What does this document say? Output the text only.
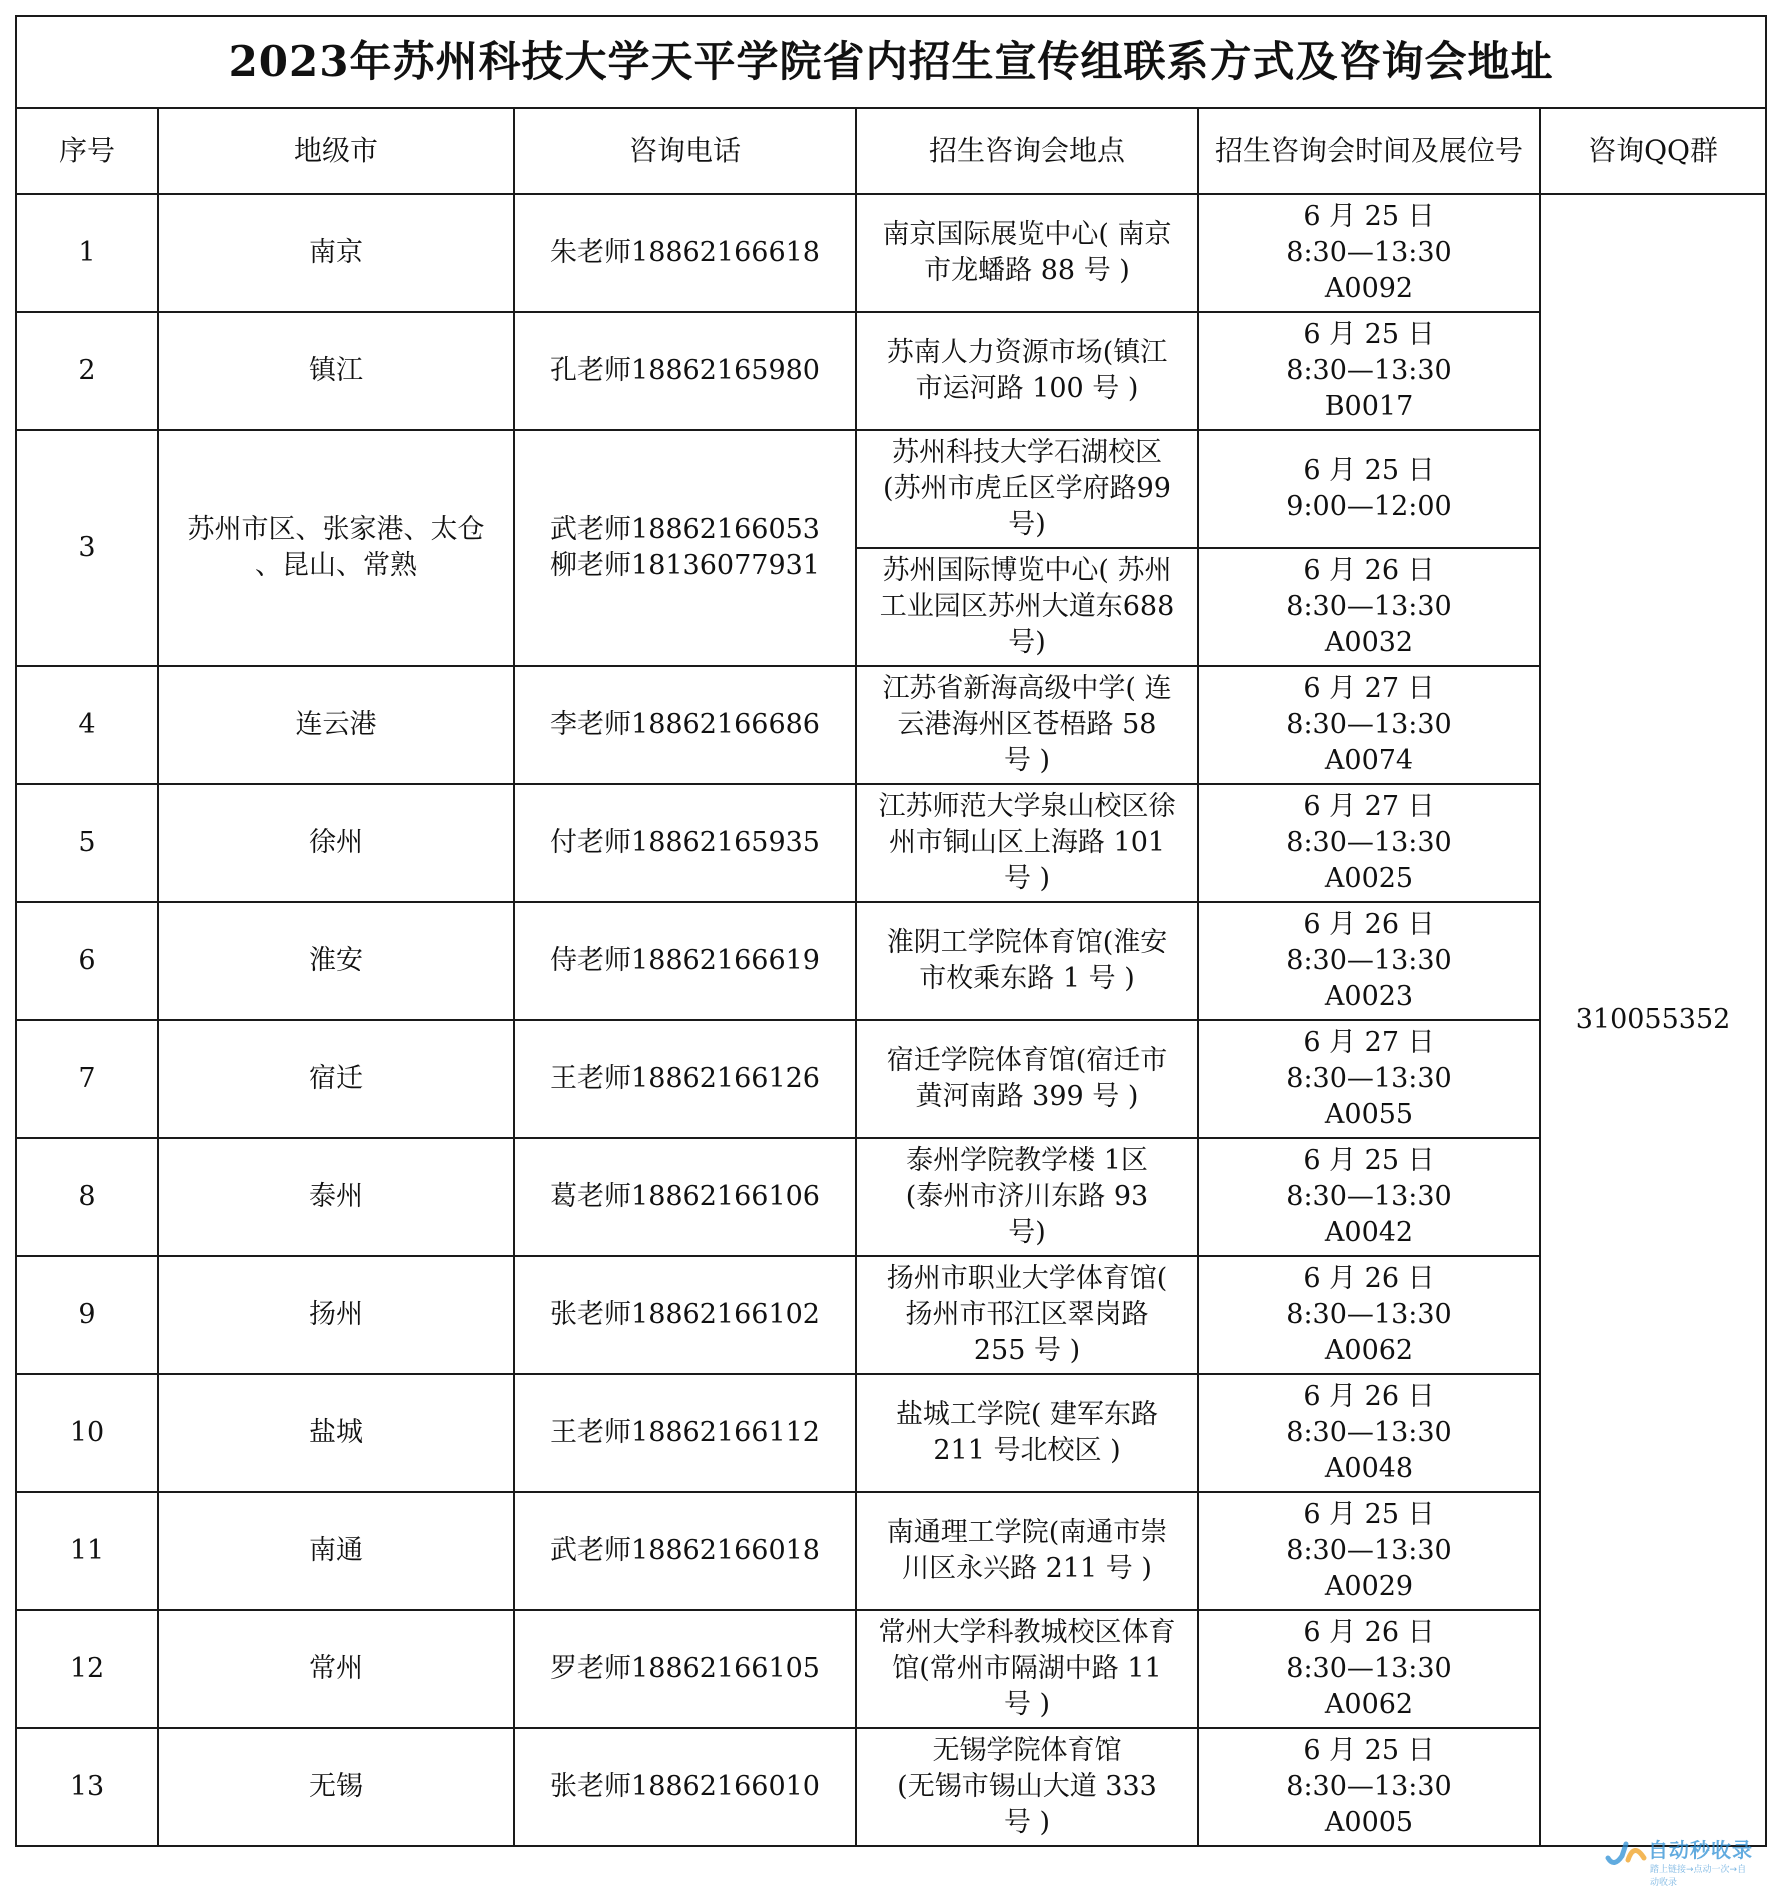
2023年苏州科技大学天平学院省内招生宣传组联系方式及咨询会地址					
序号	地级市	咨询电话	招生咨询会地点	招生咨询会时间及展位号	咨询QQ群
1	南京	朱老师18862166618	南京国际展览中心( 南京
市龙蟠路 88 号 )	6 月 25 日
8:30—13:30
A0092	310055352
2	镇江	孔老师18862165980	苏南人力资源市场(镇江
市运河路 100 号 )	6 月 25 日
8:30—13:30
B0017	
3	苏州市区、张家港、太仓
、昆山、常熟	武老师18862166053
柳老师18136077931	苏州科技大学石湖校区
(苏州市虎丘区学府路99
号)	6 月 25 日
9:00—12:00	
			苏州国际博览中心( 苏州
工业园区苏州大道东688
号)	6 月 26 日
8:30—13:30
A0032	
4	连云港	李老师18862166686	江苏省新海高级中学( 连
云港海州区苍梧路 58
号 )	6 月 27 日
8:30—13:30
A0074	
5	徐州	付老师18862165935	江苏师范大学泉山校区徐
州市铜山区上海路 101
号 )	6 月 27 日
8:30—13:30
A0025	
6	淮安	侍老师18862166619	淮阴工学院体育馆(淮安
市枚乘东路 1 号 )	6 月 26 日
8:30—13:30
A0023	
7	宿迁	王老师18862166126	宿迁学院体育馆(宿迁市
黄河南路 399 号 )	6 月 27 日
8:30—13:30
A0055	
8	泰州	葛老师18862166106	泰州学院教学楼 1区
(泰州市济川东路 93
号)	6 月 25 日
8:30—13:30
A0042	
9	扬州	张老师18862166102	扬州市职业大学体育馆(
扬州市邗江区翠岗路
255 号 )	6 月 26 日
8:30—13:30
A0062	
10	盐城	王老师18862166112	盐城工学院( 建军东路
211 号北校区 )	6 月 26 日
8:30—13:30
A0048	
11	南通	武老师18862166018	南通理工学院(南通市崇
川区永兴路 211 号 )	6 月 25 日
8:30—13:30
A0029	
12	常州	罗老师18862166105	常州大学科教城校区体育
馆(常州市隔湖中路 11
号 )	6 月 26 日
8:30—13:30
A0062	
13	无锡	张老师18862166010	无锡学院体育馆
(无锡市锡山大道 333
号 )	6 月 25 日
8:30—13:30
A0005	
自动秒收录
踏上链接→点动一次→自动收录
